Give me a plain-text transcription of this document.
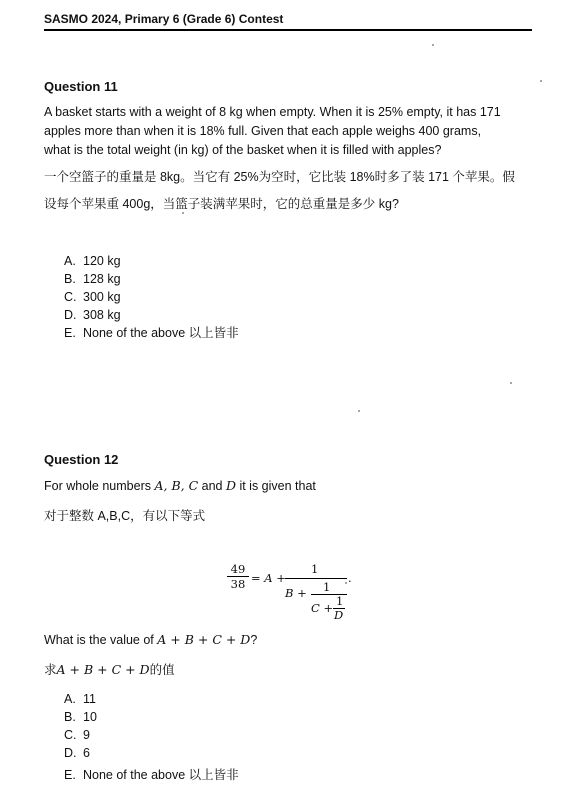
SASMO 2024, Primary 6 (Grade 6) Contest
Question 11
A basket starts with a weight of 8 kg when empty. When it is 25% empty, it has 171
apples more than when it is 18% full. Given that each apple weighs 400 grams,
what is the total weight (in kg) of the basket when it is filled with apples?
一个空篮子的重量是 8kg。当它有 25%为空时，它比装 18%时多了装 171 个苹果。假
设每个苹果重 400g，当篮子装满苹果时，它的总重量是多少 kg?
A. 120 kg
B. 128 kg
C. 300 kg
D. 308 kg
E. None of the above 以上皆非
Question 12
For whole numbers A, B, C and D it is given that
对于整数 A,B,C，有以下等式
$\frac{49}{38} = A$ +
1
B + 1
C + 1
D
.
What is the value of A + B + C + D?
求A + B + C + D的值
A. 11
B. 10
C. 9
D. 6
E. None of the above 以上皆非
